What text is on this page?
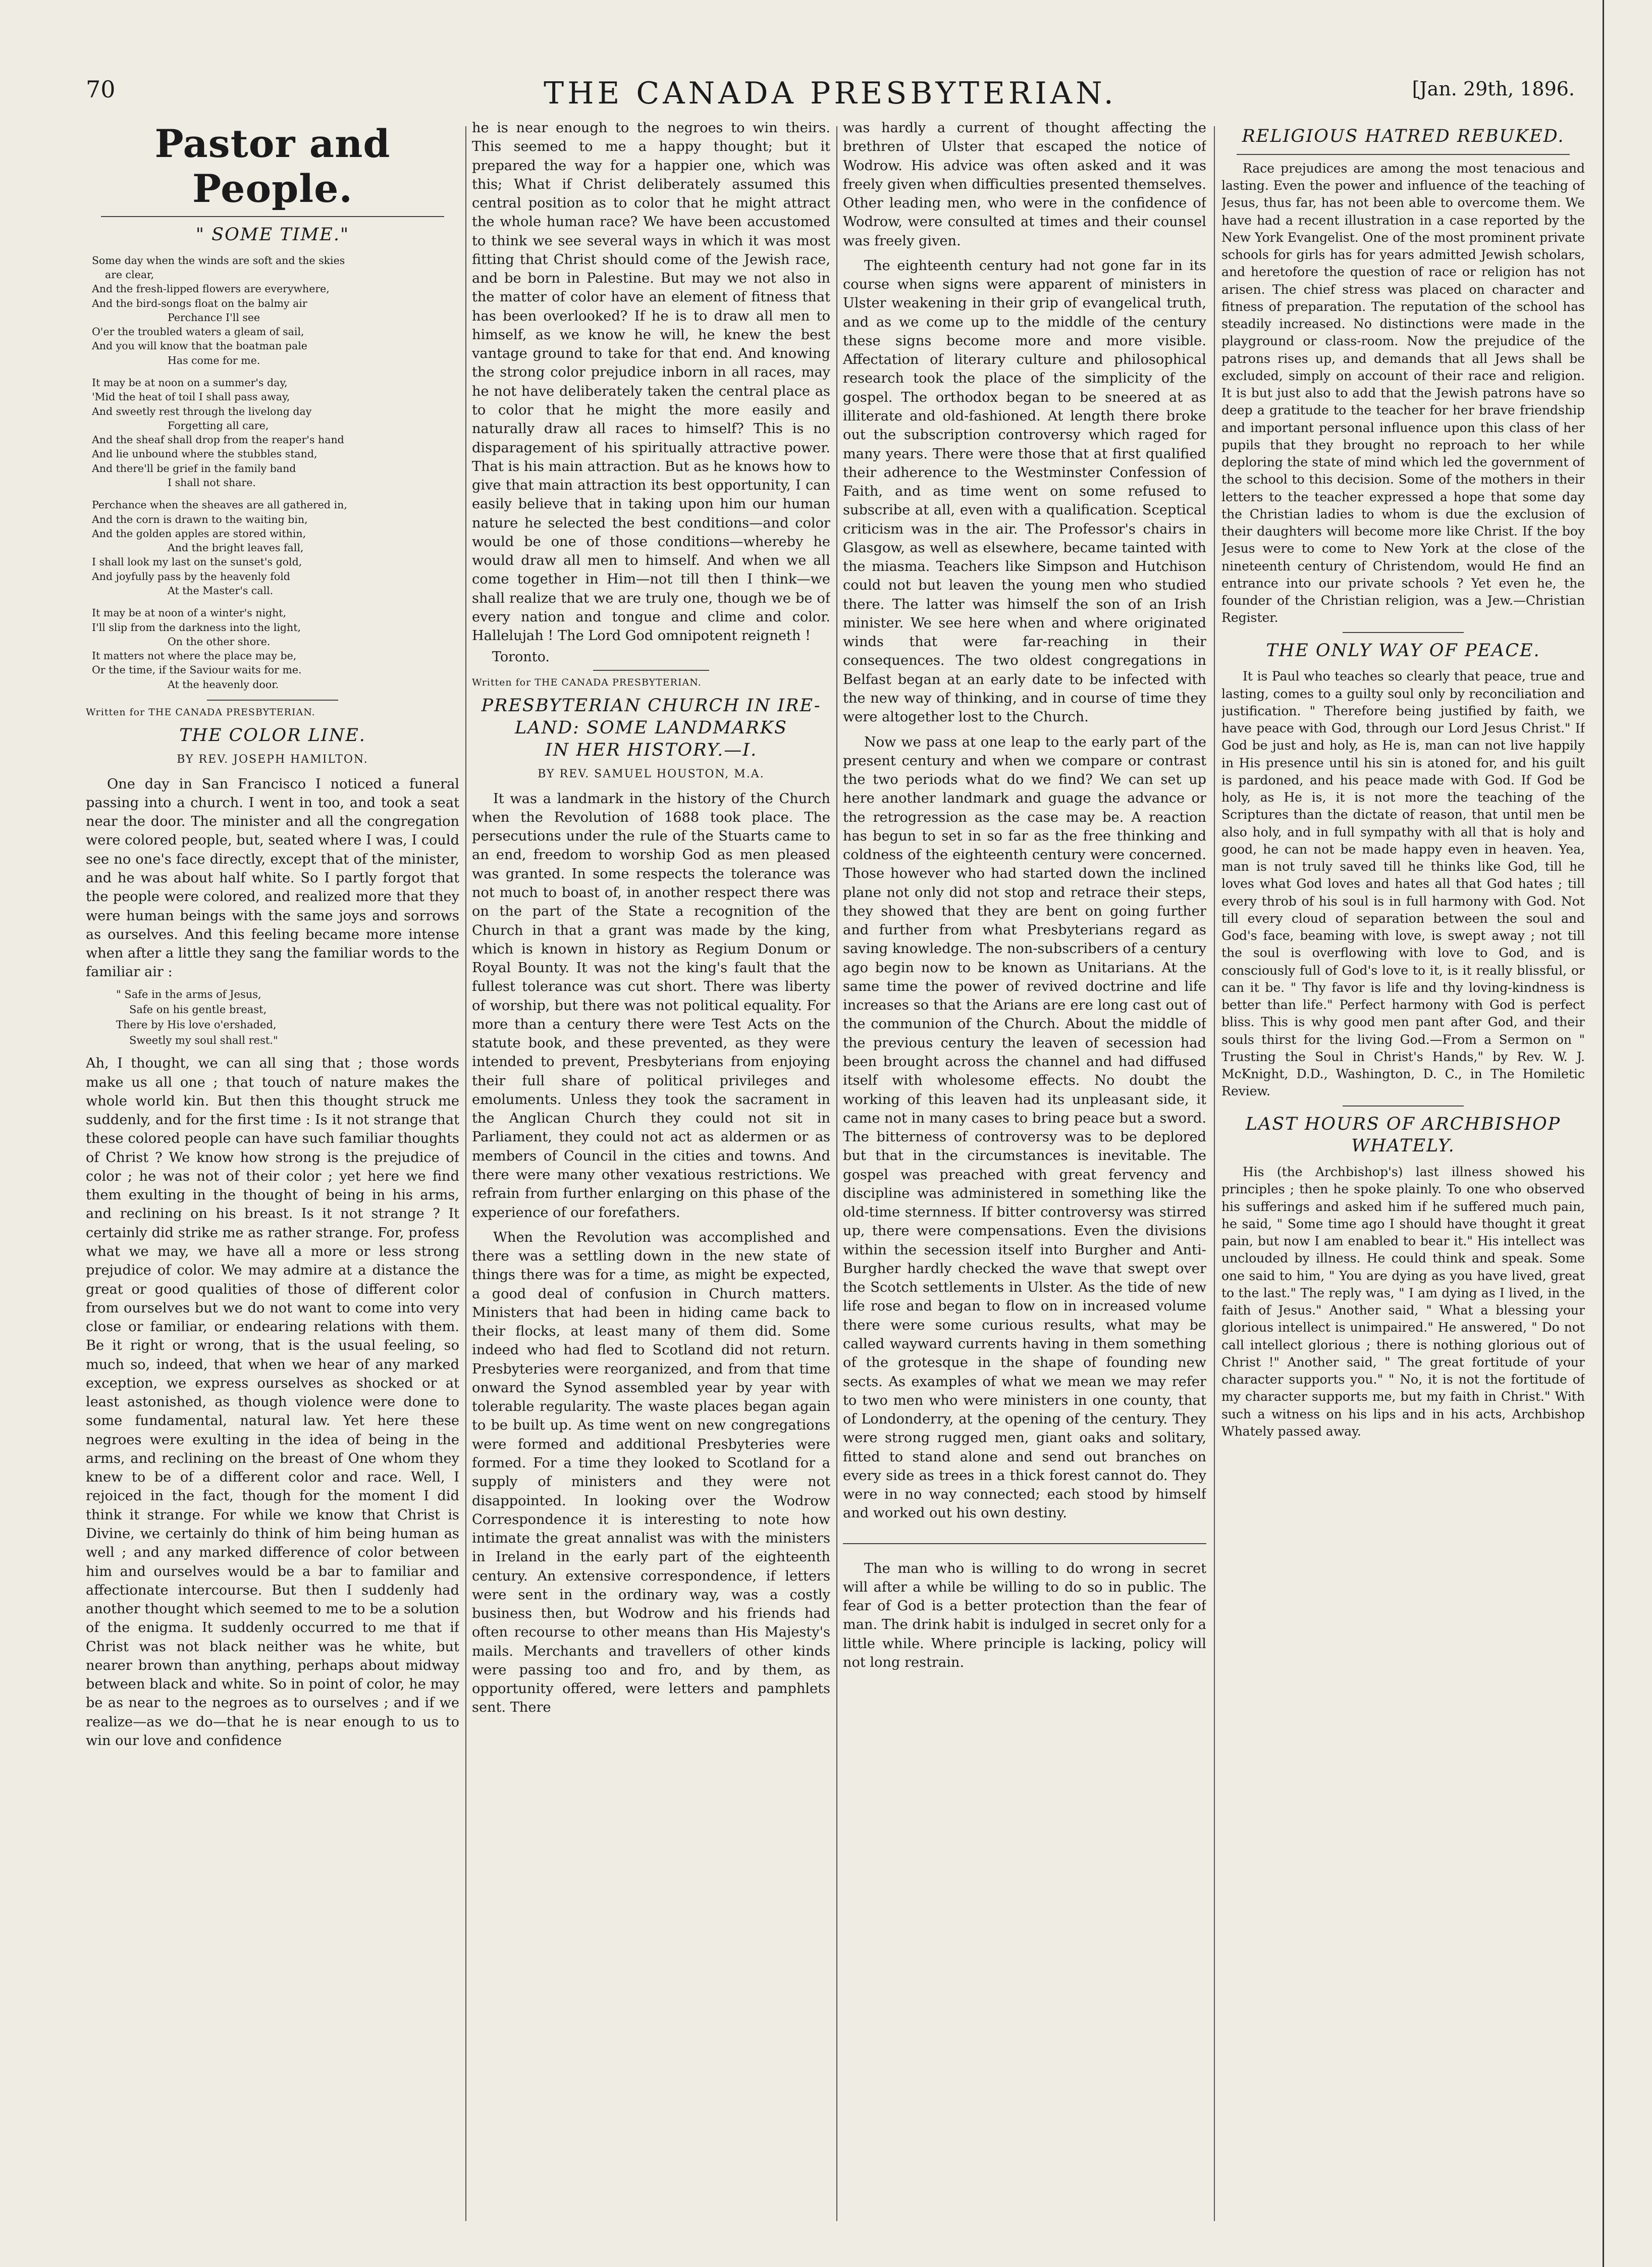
70	THE CANADA PRESBYTERIAN.	[Jan. 29th, 1896.
Pastor and People.
" SOME TIME."
Some day when the winds are soft and the skies
are clear,
And the fresh-lipped flowers are everywhere,
And the bird-songs float on the balmy air
Perchance I'll see
O'er the troubled waters a gleam of sail,
And you will know that the boatman pale
Has come for me.
It may be at noon on a summer's day,
'Mid the heat of toil I shall pass away,
And sweetly rest through the livelong day
Forgetting all care,
And the sheaf shall drop from the reaper's hand
And lie unbound where the stubbles stand,
And there'll be grief in the family band
I shall not share.
Perchance when the sheaves are all gathered in,
And the corn is drawn to the waiting bin,
And the golden apples are stored within,
And the bright leaves fall,
I shall look my last on the sunset's gold,
And joyfully pass by the heavenly fold
At the Master's call.
It may be at noon of a winter's night,
I'll slip from the darkness into the light,
On the other shore.
It matters not where the place may be,
Or the time, if the Saviour waits for me.
At the heavenly door.
Written for THE CANADA PRESBYTERIAN.
THE COLOR LINE.
BY REV. JOSEPH HAMILTON.

One day in San Francisco I noticed a funeral passing into a church. I went in too, and took a seat near the door. The minister and all the congregation were colored people, but, seated where I was, I could see no one's face directly, except that of the minister, and he was about half white. So I partly forgot that the people were colored, and realized more that they were human beings with the same joys and sorrows as ourselves. And this feeling became more intense when after a little they sang the familiar words to the familiar air :

" Safe in the arms of Jesus,
Safe on his gentle breast,
There by His love o'ershaded,
Sweetly my soul shall rest."

Ah, I thought, we can all sing that ; those words make us all one ; that touch of nature makes the whole world kin. But then this thought struck me suddenly, and for the first time : Is it not strange that these colored people can have such familiar thoughts of Christ ? We know how strong is the prejudice of color ; he was not of their color ; yet here we find them exulting in the thought of being in his arms, and reclining on his breast. Is it not strange ? It certainly did strike me as rather strange. For, profess what we may, we have all a more or less strong prejudice of color. We may admire at a distance the great or good qualities of those of different color from ourselves but we do not want to come into very close or familiar, or endearing relations with them. Be it right or wrong, that is the usual feeling, so much so, indeed, that when we hear of any marked exception, we express ourselves as shocked or at least astonished, as though violence were done to some fundamental, natural law. Yet here these negroes were exulting in the idea of being in the arms, and reclining on the breast of One whom they knew to be of a different color and race. Well, I rejoiced in the fact, though for the moment I did think it strange. For while we know that Christ is Divine, we certainly do think of him being human as well ; and any marked difference of color between him and ourselves would be a bar to familiar and affectionate intercourse. But then I suddenly had another thought which seemed to me to be a solution of the enigma. It suddenly occurred to me that if Christ was not black neither was he white, but nearer brown than anything, perhaps about midway between black and white. So in point of color, he may be as near to the negroes as to ourselves ; and if we realize—as we do—that he is near enough to us to win our love and confidence

he is near enough to the negroes to win theirs. This seemed to me a happy thought; but it prepared the way for a happier one, which was this; What if Christ deliberately assumed this central position as to color that he might attract the whole human race? We have been accustomed to think we see several ways in which it was most fitting that Christ should come of the Jewish race, and be born in Palestine. But may we not also in the matter of color have an element of fitness that has been overlooked? If he is to draw all men to himself, as we know he will, he knew the best vantage ground to take for that end. And knowing the strong color prejudice inborn in all races, may he not have deliberately taken the central place as to color that he might the more easily and naturally draw all races to himself? This is no disparagement of his spiritually attractive power. That is his main attraction. But as he knows how to give that main attraction its best opportunity, I can easily believe that in taking upon him our human nature he selected the best conditions—and color would be one of those conditions—whereby he would draw all men to himself. And when we all come together in Him—not till then I think—we shall realize that we are truly one, though we be of every nation and tongue and clime and color. Hallelujah ! The Lord God omnipotent reigneth !

Toronto.
Written for THE CANADA PRESBYTERIAN.
PRESBYTERIAN CHURCH IN IRE-
LAND: SOME LANDMARKS
IN HER HISTORY.—I.
BY REV. SAMUEL HOUSTON, M.A.

It was a landmark in the history of the Church when the Revolution of 1688 took place. The persecutions under the rule of the Stuarts came to an end, freedom to worship God as men pleased was granted. In some respects the tolerance was not much to boast of, in another respect there was on the part of the State a recognition of the Church in that a grant was made by the king, which is known in history as Regium Donum or Royal Bounty. It was not the king's fault that the fullest tolerance was cut short. There was liberty of worship, but there was not political equality. For more than a century there were Test Acts on the statute book, and these prevented, as they were intended to prevent, Presbyterians from enjoying their full share of political privileges and emoluments. Unless they took the sacrament in the Anglican Church they could not sit in Parliament, they could not act as aldermen or as members of Council in the cities and towns. And there were many other vexatious restrictions. We refrain from further enlarging on this phase of the experience of our forefathers.

When the Revolution was accomplished and there was a settling down in the new state of things there was for a time, as might be expected, a good deal of confusion in Church matters. Ministers that had been in hiding came back to their flocks, at least many of them did. Some indeed who had fled to Scotland did not return. Presbyteries were reorganized, and from that time onward the Synod assembled year by year with tolerable regularity. The waste places began again to be built up. As time went on new congregations were formed and additional Presbyteries were formed. For a time they looked to Scotland for a supply of ministers and they were not disappointed. In looking over the Wodrow Correspondence it is interesting to note how intimate the great annalist was with the ministers in Ireland in the early part of the eighteenth century. An extensive correspondence, if letters were sent in the ordinary way, was a costly business then, but Wodrow and his friends had often recourse to other means than His Majesty's mails. Merchants and travellers of other kinds were passing too and fro, and by them, as opportunity offered, were letters and pamphlets sent. There

was hardly a current of thought affecting the brethren of Ulster that escaped the notice of Wodrow. His advice was often asked and it was freely given when difficulties presented themselves. Other leading men, who were in the confidence of Wodrow, were consulted at times and their counsel was freely given.

The eighteenth century had not gone far in its course when signs were apparent of ministers in Ulster weakening in their grip of evangelical truth, and as we come up to the middle of the century these signs become more and more visible. Affectation of literary culture and philosophical research took the place of the simplicity of the gospel. The orthodox began to be sneered at as illiterate and old-fashioned. At length there broke out the subscription controversy which raged for many years. There were those that at first qualified their adherence to the Westminster Confession of Faith, and as time went on some refused to subscribe at all, even with a qualification. Sceptical criticism was in the air. The Professor's chairs in Glasgow, as well as elsewhere, became tainted with the miasma. Teachers like Simpson and Hutchison could not but leaven the young men who studied there. The latter was himself the son of an Irish minister. We see here when and where originated winds that were far-reaching in their consequences. The two oldest congregations in Belfast began at an early date to be infected with the new way of thinking, and in course of time they were altogether lost to the Church.

Now we pass at one leap to the early part of the present century and when we compare or contrast the two periods what do we find? We can set up here another landmark and guage the advance or the retrogression as the case may be. A reaction has begun to set in so far as the free thinking and coldness of the eighteenth century were concerned. Those however who had started down the inclined plane not only did not stop and retrace their steps, they showed that they are bent on going further and further from what Presbyterians regard as saving knowledge. The non-subscribers of a century ago begin now to be known as Unitarians. At the same time the power of revived doctrine and life increases so that the Arians are ere long cast out of the communion of the Church. About the middle of the previous century the leaven of secession had been brought across the channel and had diffused itself with wholesome effects. No doubt the working of this leaven had its unpleasant side, it came not in many cases to bring peace but a sword. The bitterness of controversy was to be deplored but that in the circumstances is inevitable. The gospel was preached with great fervency and discipline was administered in something like the old-time sternness. If bitter controversy was stirred up, there were compensations. Even the divisions within the secession itself into Burgher and Anti-Burgher hardly checked the wave that swept over the Scotch settlements in Ulster. As the tide of new life rose and began to flow on in increased volume there were some curious results, what may be called wayward currents having in them something of the grotesque in the shape of founding new sects. As examples of what we mean we may refer to two men who were ministers in one county, that of Londonderry, at the opening of the century. They were strong rugged men, giant oaks and solitary, fitted to stand alone and send out branches on every side as trees in a thick forest cannot do. They were in no way connected; each stood by himself and worked out his own destiny.

The man who is willing to do wrong in secret will after a while be willing to do so in public. The fear of God is a better protection than the fear of man. The drink habit is indulged in secret only for a little while. Where principle is lacking, policy will not long restrain.

RELIGIOUS HATRED REBUKED.

Race prejudices are among the most tenacious and lasting. Even the power and influence of the teaching of Jesus, thus far, has not been able to overcome them. We have had a recent illustration in a case reported by the New York Evangelist. One of the most prominent private schools for girls has for years admitted Jewish scholars, and heretofore the question of race or religion has not arisen. The chief stress was placed on character and fitness of preparation. The reputation of the school has steadily increased. No distinctions were made in the playground or class-room. Now the prejudice of the patrons rises up, and demands that all Jews shall be excluded, simply on account of their race and religion. It is but just also to add that the Jewish patrons have so deep a gratitude to the teacher for her brave friendship and important personal influence upon this class of her pupils that they brought no reproach to her while deploring the state of mind which led the government of the school to this decision. Some of the mothers in their letters to the teacher expressed a hope that some day the Christian ladies to whom is due the exclusion of their daughters will become more like Christ. If the boy Jesus were to come to New York at the close of the nineteenth century of Christendom, would He find an entrance into our private schools ? Yet even he, the founder of the Christian religion, was a Jew.—Christian Register.

THE ONLY WAY OF PEACE.

It is Paul who teaches so clearly that peace, true and lasting, comes to a guilty soul only by reconciliation and justification. " Therefore being justified by faith, we have peace with God, through our Lord Jesus Christ." If God be just and holy, as He is, man can not live happily in His presence until his sin is atoned for, and his guilt is pardoned, and his peace made with God. If God be holy, as He is, it is not more the teaching of the Scriptures than the dictate of reason, that until men be also holy, and in full sympathy with all that is holy and good, he can not be made happy even in heaven. Yea, man is not truly saved till he thinks like God, till he loves what God loves and hates all that God hates ; till every throb of his soul is in full harmony with God. Not till every cloud of separation between the soul and God's face, beaming with love, is swept away ; not till the soul is overflowing with love to God, and is consciously full of God's love to it, is it really blissful, or can it be. " Thy favor is life and thy loving-kindness is better than life." Perfect harmony with God is perfect bliss. This is why good men pant after God, and their souls thirst for the living God.—From a Sermon on " Trusting the Soul in Christ's Hands," by Rev. W. J. McKnight, D.D., Washington, D. C., in The Homiletic Review.

LAST HOURS OF ARCHBISHOP
WHATELY.

His (the Archbishop's) last illness showed his principles ; then he spoke plainly. To one who observed his sufferings and asked him if he suffered much pain, he said, " Some time ago I should have thought it great pain, but now I am enabled to bear it." His intellect was unclouded by illness. He could think and speak. Some one said to him, " You are dying as you have lived, great to the last." The reply was, " I am dying as I lived, in the faith of Jesus." Another said, " What a blessing your glorious intellect is unimpaired." He answered, " Do not call intellect glorious ; there is nothing glorious out of Christ !" Another said, " The great fortitude of your character supports you." " No, it is not the fortitude of my character supports me, but my faith in Christ." With such a witness on his lips and in his acts, Archbishop Whately passed away.
